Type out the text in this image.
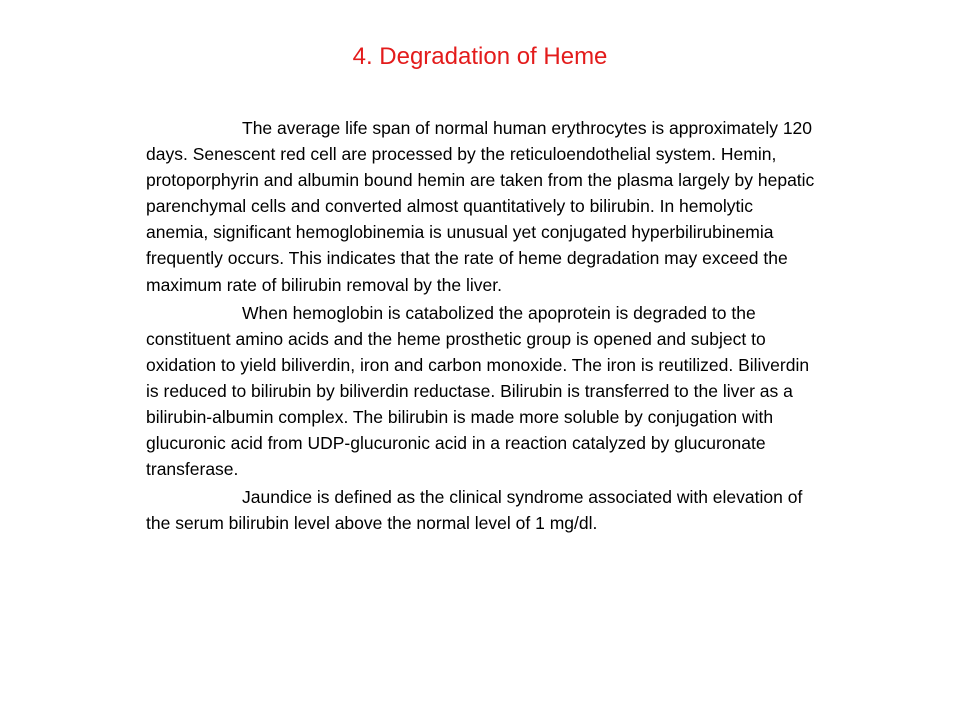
4. Degradation of Heme

The average life span of normal human erythrocytes is approximately 120 days. Senescent red cell are processed by the reticuloendothelial system. Hemin, protoporphyrin and albumin bound hemin are taken from the plasma largely by hepatic parenchymal cells and converted almost quantitatively to bilirubin. In hemolytic anemia, significant hemoglobinemia is unusual yet conjugated hyperbilirubinemia frequently occurs. This indicates that the rate of heme degradation may exceed the maximum rate of bilirubin removal by the liver.

When hemoglobin is catabolized the apoprotein is degraded to the constituent amino acids and the heme prosthetic group is opened and subject to oxidation to yield biliverdin, iron and carbon monoxide. The iron is reutilized. Biliverdin is reduced to bilirubin by biliverdin reductase. Bilirubin is transferred to the liver as a bilirubin-albumin complex. The bilirubin is made more soluble by conjugation with glucuronic acid from UDP-glucuronic acid in a reaction catalyzed by glucuronate transferase.

Jaundice is defined as the clinical syndrome associated with elevation of the serum bilirubin level above the normal level of 1 mg/dl.
